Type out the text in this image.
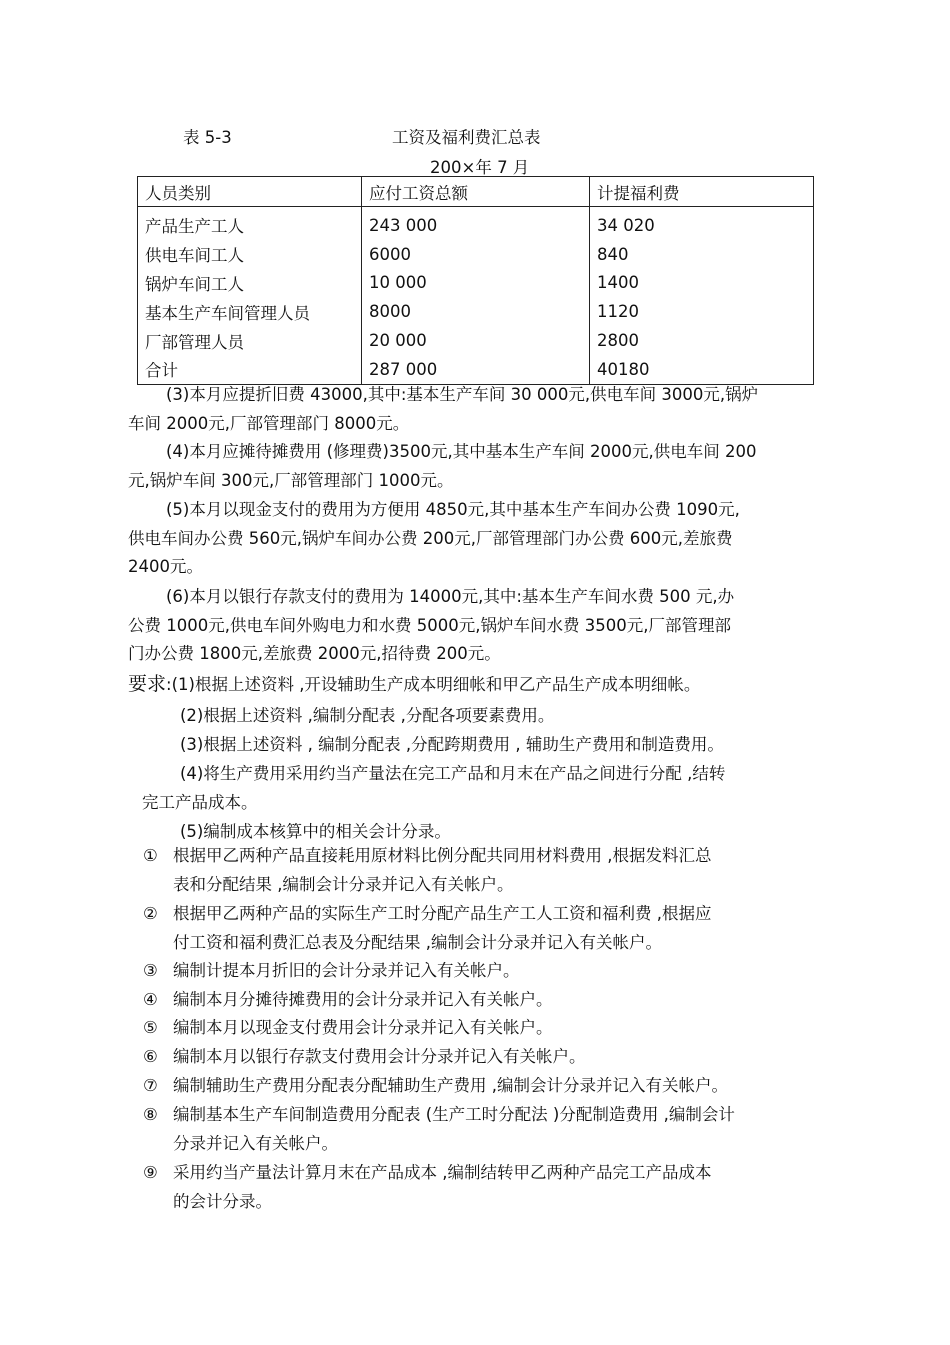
表 5-3	工资及福利费汇总表
200×年 7 月
人员类别	应付工资总额	计提福利费
产品生产工人	243 000	34 020
供电车间工人	6000	840
锅炉车间工人	10 000	1400
基本生产车间管理人员	8000	1120
厂部管理人员	20 000	2800
合计	287 000	40180
(3)本月应提折旧费 43000,其中:基本生产车间 30 000元,供电车间 3000元,锅炉
车间 2000元,厂部管理部门 8000元。
(4)本月应摊待摊费用 (修理费)3500元,其中基本生产车间 2000元,供电车间 200
元,锅炉车间 300元,厂部管理部门 1000元。
(5)本月以现金支付的费用为方便用 4850元,其中基本生产车间办公费 1090元,
供电车间办公费 560元,锅炉车间办公费 200元,厂部管理部门办公费 600元,差旅费
2400元。
(6)本月以银行存款支付的费用为 14000元,其中:基本生产车间水费 500 元,办
公费 1000元,供电车间外购电力和水费 5000元,锅炉车间水费 3500元,厂部管理部
门办公费 1800元,差旅费 2000元,招待费 200元。
要求:(1)根据上述资料 ,开设辅助生产成本明细帐和甲乙产品生产成本明细帐。
(2)根据上述资料 ,编制分配表 ,分配各项要素费用。
(3)根据上述资料 , 编制分配表 ,分配跨期费用 , 辅助生产费用和制造费用。
(4)将生产费用采用约当产量法在完工产品和月末在产品之间进行分配 ,结转
完工产品成本。
(5)编制成本核算中的相关会计分录。
① 根据甲乙两种产品直接耗用原材料比例分配共同用材料费用 ,根据发料汇总
表和分配结果 ,编制会计分录并记入有关帐户。
② 根据甲乙两种产品的实际生产工时分配产品生产工人工资和福利费 ,根据应
付工资和福利费汇总表及分配结果 ,编制会计分录并记入有关帐户。
③ 编制计提本月折旧的会计分录并记入有关帐户。
④ 编制本月分摊待摊费用的会计分录并记入有关帐户。
⑤ 编制本月以现金支付费用会计分录并记入有关帐户。
⑥ 编制本月以银行存款支付费用会计分录并记入有关帐户。
⑦ 编制辅助生产费用分配表分配辅助生产费用 ,编制会计分录并记入有关帐户。
⑧ 编制基本生产车间制造费用分配表 (生产工时分配法 )分配制造费用 ,编制会计
分录并记入有关帐户。
⑨ 采用约当产量法计算月末在产品成本 ,编制结转甲乙两种产品完工产品成本
的会计分录。
